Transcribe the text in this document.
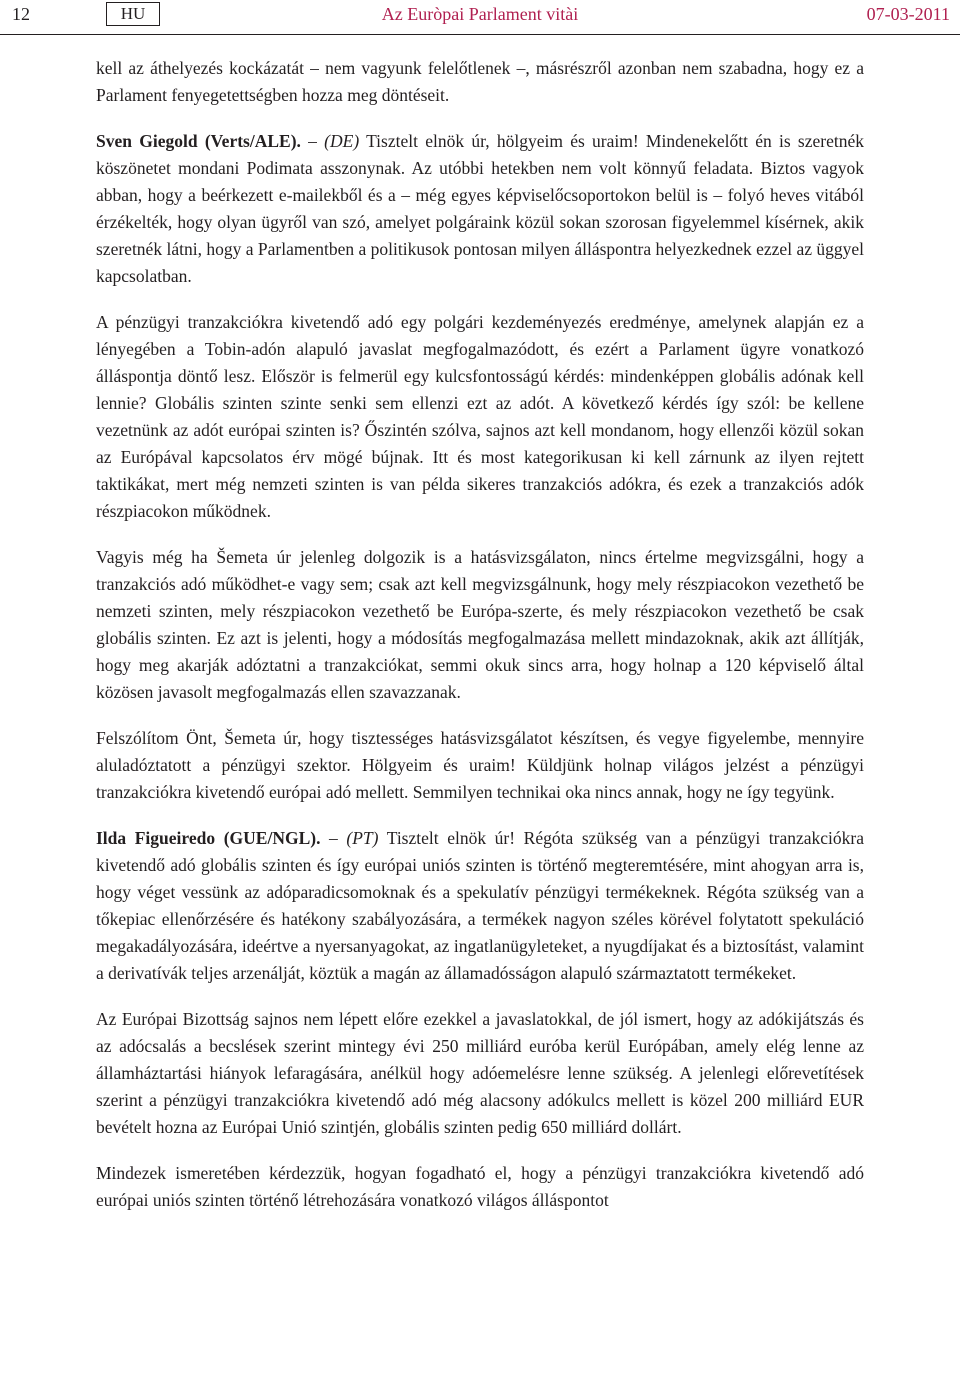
12	HU	Az Euròpai Parlament vitài	07-03-2011

kell az áthelyezés kockázatát – nem vagyunk felelőtlenek –, másrészről azonban nem szabadna, hogy ez a Parlament fenyegetettségben hozza meg döntéseit.

Sven Giegold (Verts/ALE). – (DE) Tisztelt elnök úr, hölgyeim és uraim! Mindenekelőtt én is szeretnék köszönetet mondani Podimata asszonynak. Az utóbbi hetekben nem volt könnyű feladata. Biztos vagyok abban, hogy a beérkezett e-mailekből és a – még egyes képviselőcsoportokon belül is – folyó heves vitából érzékelték, hogy olyan ügyről van szó, amelyet polgáraink közül sokan szorosan figyelemmel kísérnek, akik szeretnék látni, hogy a Parlamentben a politikusok pontosan milyen álláspontra helyezkednek ezzel az üggyel kapcsolatban.

A pénzügyi tranzakciókra kivetendő adó egy polgári kezdeményezés eredménye, amelynek alapján ez a lényegében a Tobin-adón alapuló javaslat megfogalmazódott, és ezért a Parlament ügyre vonatkozó álláspontja döntő lesz. Először is felmerül egy kulcsfontosságú kérdés: mindenképpen globális adónak kell lennie? Globális szinten szinte senki sem ellenzi ezt az adót. A következő kérdés így szól: be kellene vezetnünk az adót európai szinten is? Őszintén szólva, sajnos azt kell mondanom, hogy ellenzői közül sokan az Európával kapcsolatos érv mögé bújnak. Itt és most kategorikusan ki kell zárnunk az ilyen rejtett taktikákat, mert még nemzeti szinten is van példa sikeres tranzakciós adókra, és ezek a tranzakciós adók részpiacokon működnek.

Vagyis még ha Šemeta úr jelenleg dolgozik is a hatásvizsgálaton, nincs értelme megvizsgálni, hogy a tranzakciós adó működhet-e vagy sem; csak azt kell megvizsgálnunk, hogy mely részpiacokon vezethető be nemzeti szinten, mely részpiacokon vezethető be Európa-szerte, és mely részpiacokon vezethető be csak globális szinten. Ez azt is jelenti, hogy a módosítás megfogalmazása mellett mindazoknak, akik azt állítják, hogy meg akarják adóztatni a tranzakciókat, semmi okuk sincs arra, hogy holnap a 120 képviselő által közösen javasolt megfogalmazás ellen szavazzanak.

Felszólítom Önt, Šemeta úr, hogy tisztességes hatásvizsgálatot készítsen, és vegye figyelembe, mennyire aluladóztatott a pénzügyi szektor. Hölgyeim és uraim! Küldjünk holnap világos jelzést a pénzügyi tranzakciókra kivetendő európai adó mellett. Semmilyen technikai oka nincs annak, hogy ne így tegyünk.

Ilda Figueiredo (GUE/NGL). – (PT) Tisztelt elnök úr! Régóta szükség van a pénzügyi tranzakciókra kivetendő adó globális szinten és így európai uniós szinten is történő megteremtésére, mint ahogyan arra is, hogy véget vessünk az adóparadicsomoknak és a spekulatív pénzügyi termékeknek. Régóta szükség van a tőkepiac ellenőrzésére és hatékony szabályozására, a termékek nagyon széles körével folytatott spekuláció megakadályozására, ideértve a nyersanyagokat, az ingatlanügyleteket, a nyugdíjakat és a biztosítást, valamint a derivatívák teljes arzenálját, köztük a magán az államadósságon alapuló származtatott termékeket.

Az Európai Bizottság sajnos nem lépett előre ezekkel a javaslatokkal, de jól ismert, hogy az adókijátszás és az adócsalás a becslések szerint mintegy évi 250 milliárd euróba kerül Európában, amely elég lenne az államháztartási hiányok lefaragására, anélkül hogy adóemelésre lenne szükség. A jelenlegi előrevetítések szerint a pénzügyi tranzakciókra kivetendő adó még alacsony adókulcs mellett is közel 200 milliárd EUR bevételt hozna az Európai Unió szintjén, globális szinten pedig 650 milliárd dollárt.

Mindezek ismeretében kérdezzük, hogyan fogadható el, hogy a pénzügyi tranzakciókra kivetendő adó európai uniós szinten történő létrehozására vonatkozó világos álláspontot
